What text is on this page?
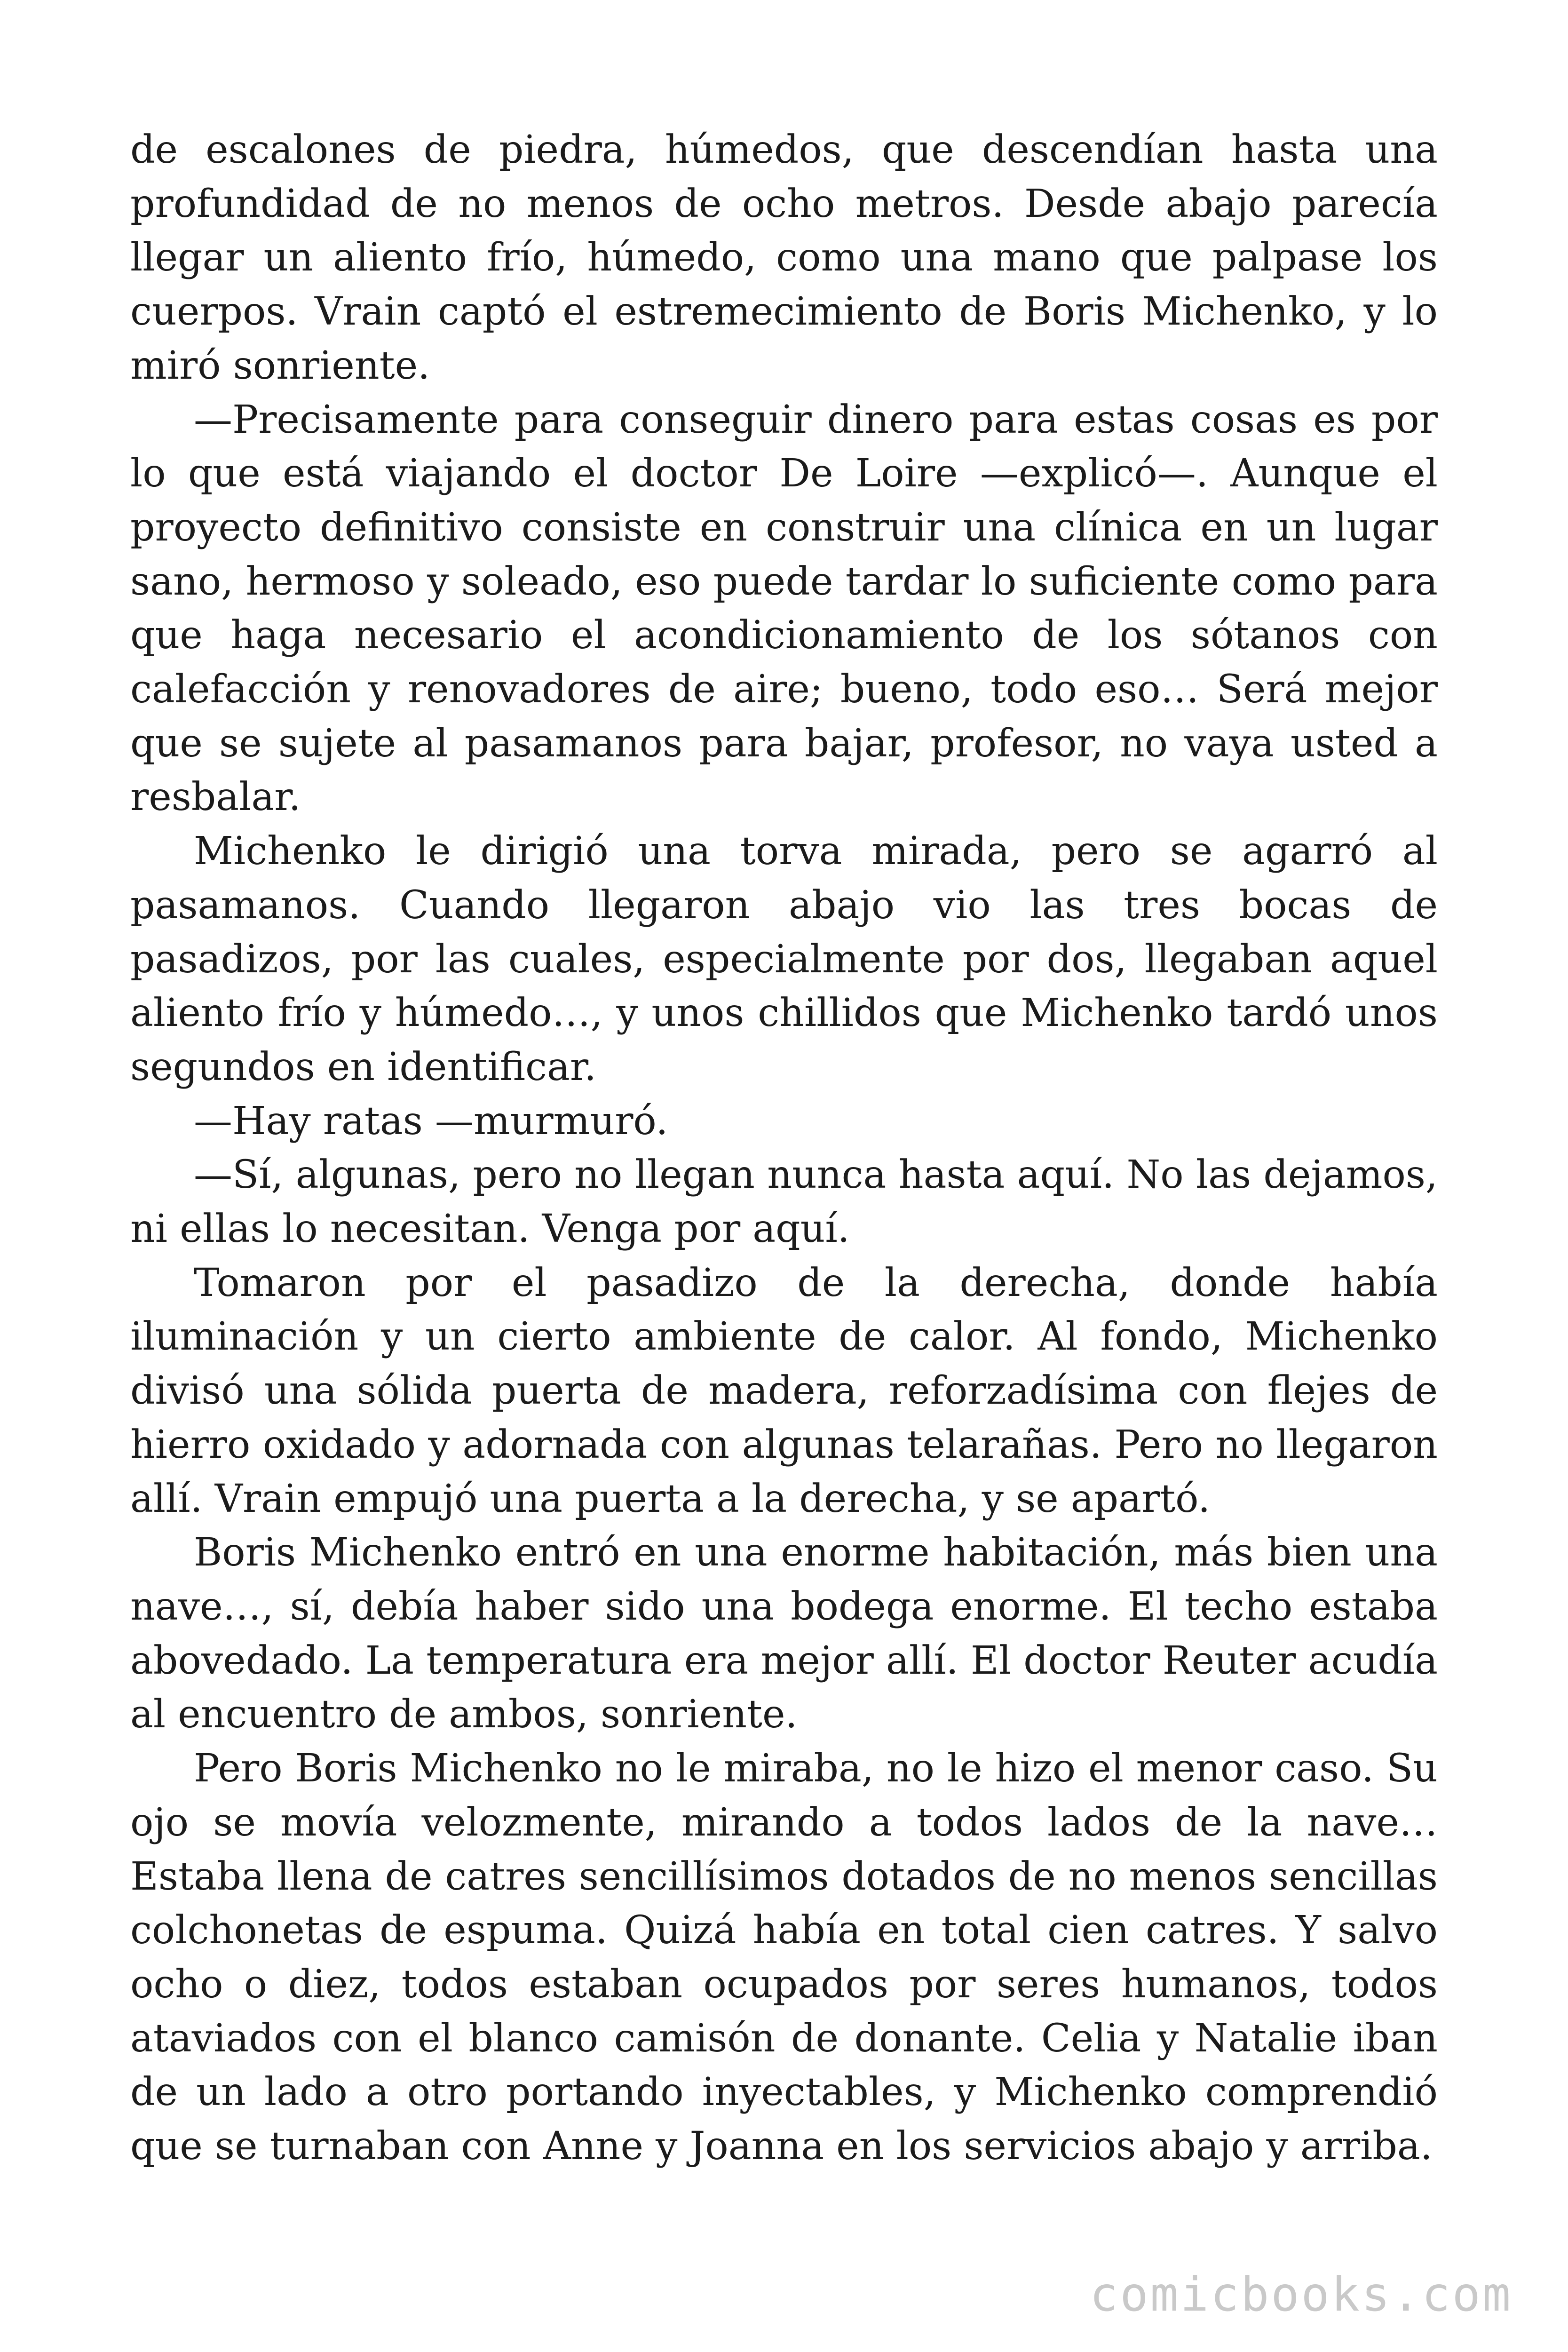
de escalones de piedra, húmedos, que descendían hasta una profundidad de no menos de ocho metros. Desde abajo parecía llegar un aliento frío, húmedo, como una mano que palpase los cuerpos. Vrain captó el estremecimiento de Boris Michenko, y lo miró sonriente.

—Precisamente para conseguir dinero para estas cosas es por lo que está viajando el doctor De Loire —explicó—. Aunque el proyecto definitivo consiste en construir una clínica en un lugar sano, hermoso y soleado, eso puede tardar lo suficiente como para que haga necesario el acondicionamiento de los sótanos con calefacción y renovadores de aire; bueno, todo eso… Será mejor que se sujete al pasamanos para bajar, profesor, no vaya usted a resbalar.

Michenko le dirigió una torva mirada, pero se agarró al pasamanos. Cuando llegaron abajo vio las tres bocas de pasadizos, por las cuales, especialmente por dos, llegaban aquel aliento frío y húmedo…, y unos chillidos que Michenko tardó unos segundos en identificar.

—Hay ratas —murmuró.

—Sí, algunas, pero no llegan nunca hasta aquí. No las dejamos, ni ellas lo necesitan. Venga por aquí.

Tomaron por el pasadizo de la derecha, donde había iluminación y un cierto ambiente de calor. Al fondo, Michenko divisó una sólida puerta de madera, reforzadísima con flejes de hierro oxidado y adornada con algunas telarañas. Pero no llegaron allí. Vrain empujó una puerta a la derecha, y se apartó.

Boris Michenko entró en una enorme habitación, más bien una nave…, sí, debía haber sido una bodega enorme. El techo estaba abovedado. La temperatura era mejor allí. El doctor Reuter acudía al encuentro de ambos, sonriente.

Pero Boris Michenko no le miraba, no le hizo el menor caso. Su ojo se movía velozmente, mirando a todos lados de la nave… Estaba llena de catres sencillísimos dotados de no menos sencillas colchonetas de espuma. Quizá había en total cien catres. Y salvo ocho o diez, todos estaban ocupados por seres humanos, todos ataviados con el blanco camisón de donante. Celia y Natalie iban de un lado a otro portando inyectables, y Michenko comprendió que se turnaban con Anne y Joanna en los servicios abajo y arriba.

comicbooks.com
